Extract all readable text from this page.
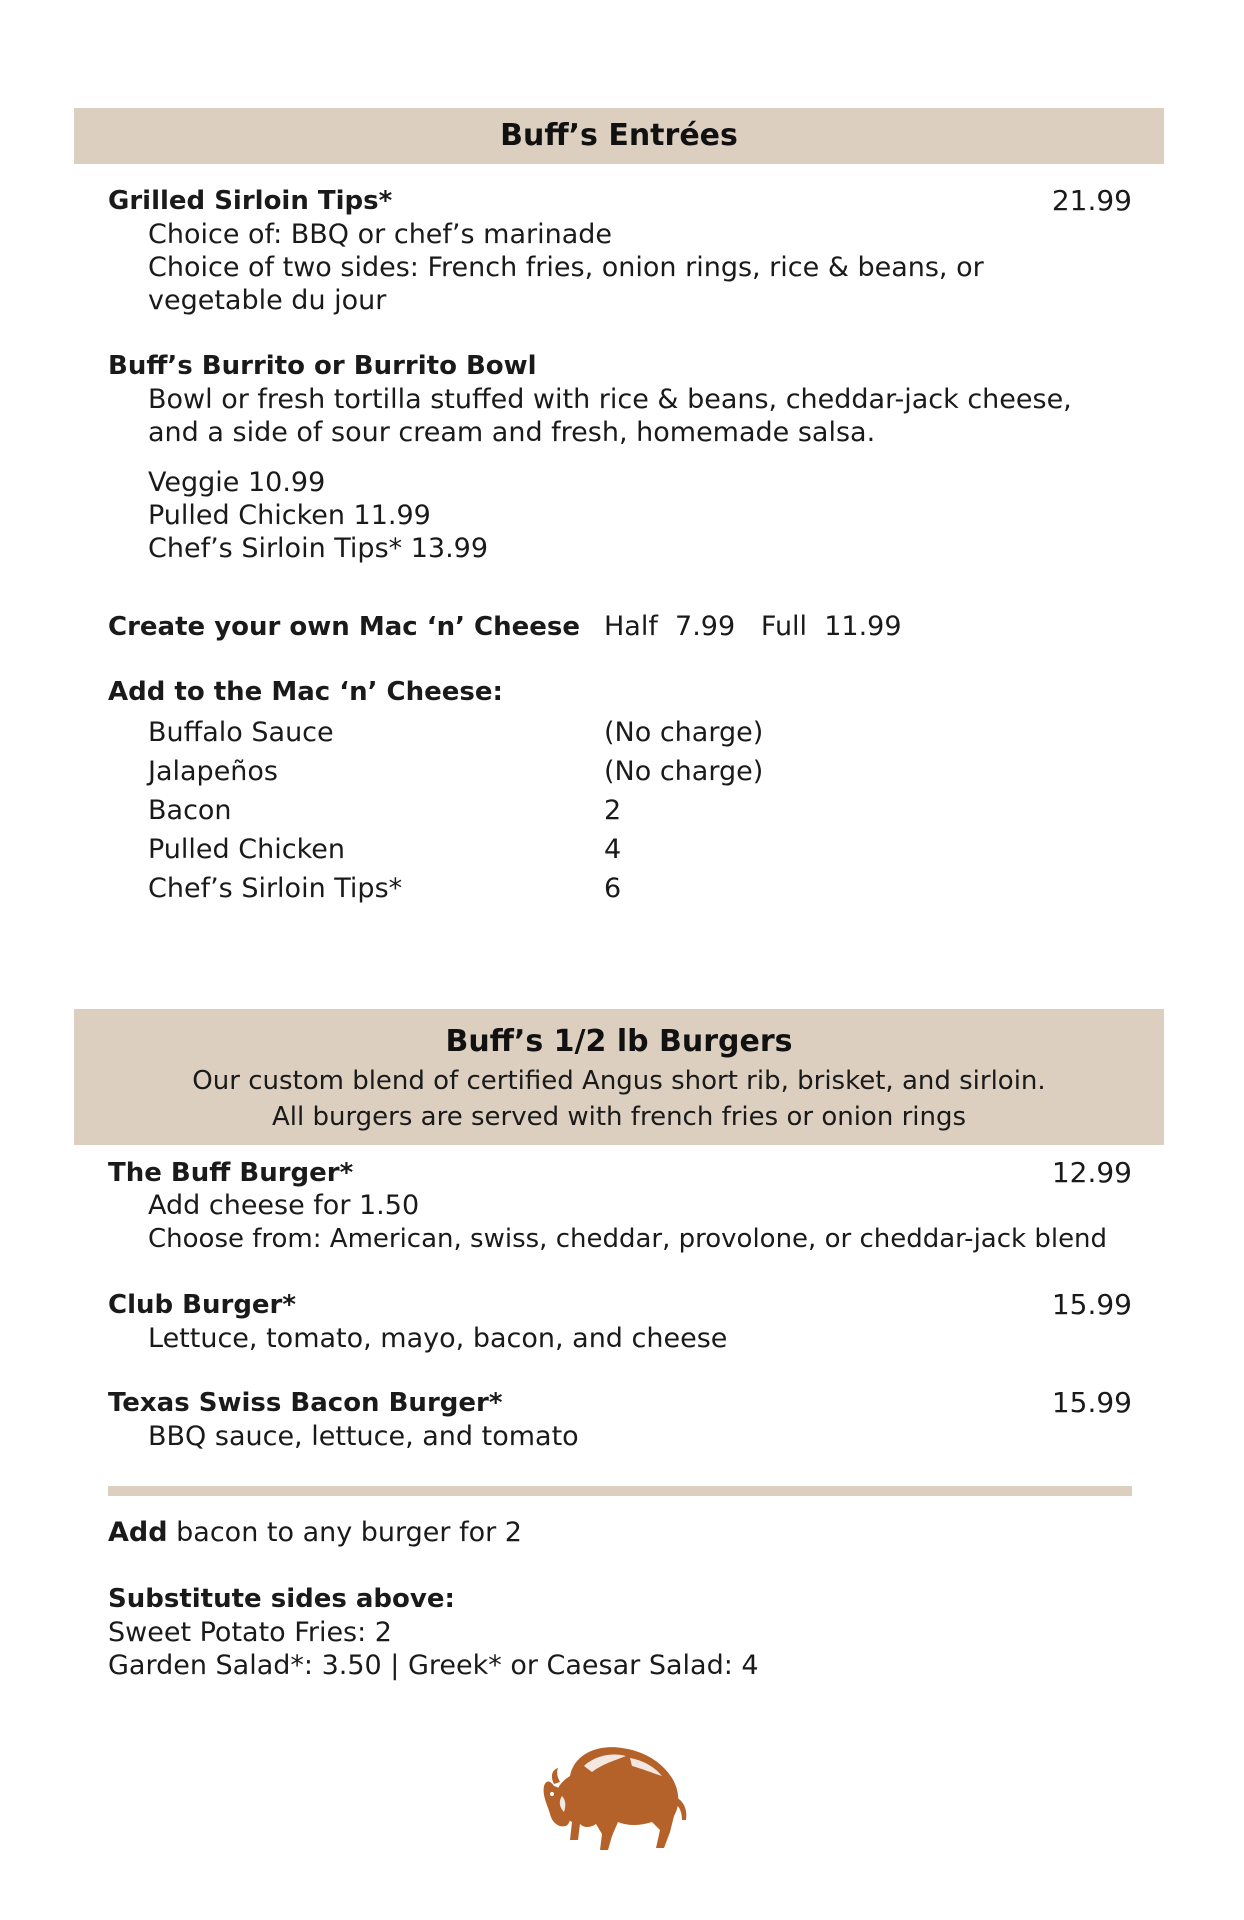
Buff’s Entrées
Grilled Sirloin Tips*	21.99
Choice of: BBQ or chef’s marinade
Choice of two sides: French fries, onion rings, rice & beans, or
vegetable du jour
Buff’s Burrito or Burrito Bowl
Bowl or fresh tortilla stuffed with rice & beans, cheddar-jack cheese,
and a side of sour cream and fresh, homemade salsa.
Veggie 10.99
Pulled Chicken 11.99
Chef’s Sirloin Tips* 13.99
Create your own Mac ‘n’ Cheese Half  7.99   Full  11.99
Add to the Mac ‘n’ Cheese:
Buffalo Sauce	(No charge)
Jalapeños	(No charge)
Bacon	2
Pulled Chicken	4
Chef’s Sirloin Tips*	6
Buff’s 1/2 lb Burgers
Our custom blend of certified Angus short rib, brisket, and sirloin.
All burgers are served with french fries or onion rings
The Buff Burger*	12.99
Add cheese for 1.50
Choose from: American, swiss, cheddar, provolone, or cheddar-jack blend
Club Burger*	15.99
Lettuce, tomato, mayo, bacon, and cheese
Texas Swiss Bacon Burger*	15.99
BBQ sauce, lettuce, and tomato
Add bacon to any burger for 2
Substitute sides above:
Sweet Potato Fries: 2
Garden Salad*: 3.50 | Greek* or Caesar Salad: 4
